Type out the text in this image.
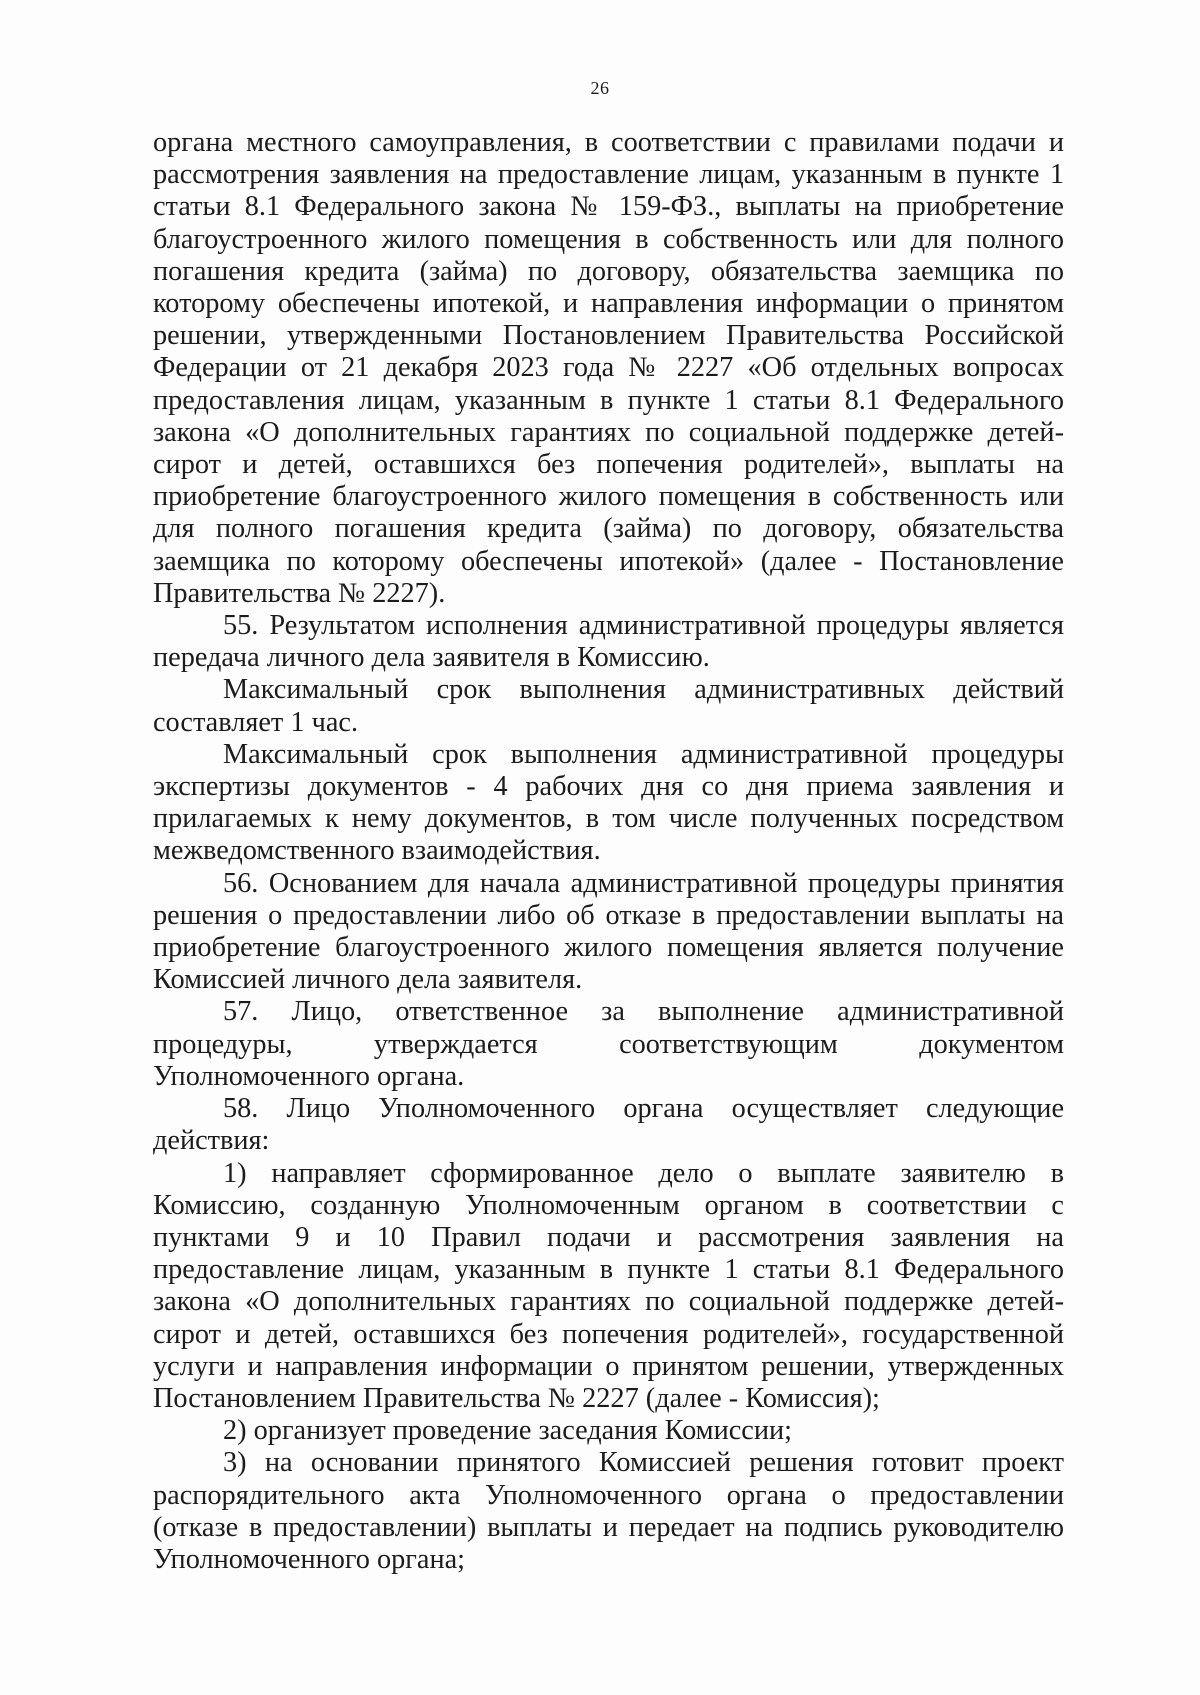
26

органа местного самоуправления, в соответствии с правилами подачи и рассмотрения заявления на предоставление лицам, указанным в пункте 1 статьи 8.1 Федерального закона № 159-ФЗ., выплаты на приобретение благоустроенного жилого помещения в собственность или для полного погашения кредита (займа) по договору, обязательства заемщика по которому обеспечены ипотекой, и направления информации о принятом решении, утвержденными Постановлением Правительства Российской Федерации от 21 декабря 2023 года № 2227 «Об отдельных вопросах предоставления лицам, указанным в пункте 1 статьи 8.1 Федерального закона «О дополнительных гарантиях по социальной поддержке детей-сирот и детей, оставшихся без попечения родителей», выплаты на приобретение благоустроенного жилого помещения в собственность или для полного погашения кредита (займа) по договору, обязательства заемщика по которому обеспечены ипотекой» (далее - Постановление Правительства № 2227).

55. Результатом исполнения административной процедуры является передача личного дела заявителя в Комиссию.

Максимальный срок выполнения административных действий составляет 1 час.

Максимальный срок выполнения административной процедуры экспертизы документов - 4 рабочих дня со дня приема заявления и прилагаемых к нему документов, в том числе полученных посредством межведомственного взаимодействия.

56. Основанием для начала административной процедуры принятия решения о предоставлении либо об отказе в предоставлении выплаты на приобретение благоустроенного жилого помещения является получение Комиссией личного дела заявителя.

57. Лицо, ответственное за выполнение административной процедуры, утверждается соответствующим документом Уполномоченного органа.

58. Лицо Уполномоченного органа осуществляет следующие действия:

1) направляет сформированное дело о выплате заявителю в Комиссию, созданную Уполномоченным органом в соответствии с пунктами 9 и 10 Правил подачи и рассмотрения заявления на предоставление лицам, указанным в пункте 1 статьи 8.1 Федерального закона «О дополнительных гарантиях по социальной поддержке детей-сирот и детей, оставшихся без попечения родителей», государственной услуги и направления информации о принятом решении, утвержденных Постановлением Правительства № 2227 (далее - Комиссия);

2) организует проведение заседания Комиссии;

3) на основании принятого Комиссией решения готовит проект распорядительного акта Уполномоченного органа о предоставлении (отказе в предоставлении) выплаты и передает на подпись руководителю Уполномоченного органа;
